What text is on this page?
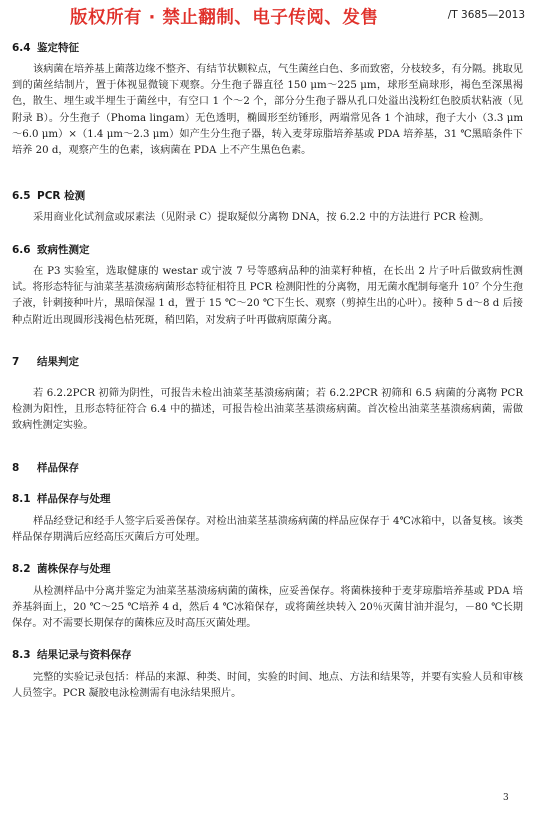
版权所有 · 禁止翻制、电子传阅、发售	/T 3685—2013
6.4 鉴定特征

该病菌在培养基上菌落边缘不整齐、有结节状颗粒点，气生菌丝白色、多而致密，分枝较多，有分隔。挑取见到的菌丝结制片，置于体视显微镜下观察。分生孢子器直径 150 μm～225 μm，球形至扁球形，褐色至深黑褐色，散生、埋生或半埋生于菌丝中，有空口 1 个～2 个，部分分生孢子器从孔口处溢出浅粉红色胶质状粘液（见附录 B）。分生孢子（Phoma lingam）无色透明，椭圆形至纺锤形，两端常见各 1 个油球，孢子大小（3.3 μm～6.0 μm）×（1.4 μm～2.3 μm）如产生分生孢子器，转入麦芽琼脂培养基或 PDA 培养基，31 ℃黑暗条件下培养 20 d，观察产生的色素，该病菌在 PDA 上不产生黑色色素。

6.5 PCR 检测

采用商业化试剂盒或尿素法（见附录 C）提取疑似分离物 DNA，按 6.2.2 中的方法进行 PCR 检测。

6.6 致病性测定

在 P3 实验室，选取健康的 westar 或宁波 7 号等感病品种的油菜籽种植，在长出 2 片子叶后做致病性测试。将形态特征与油菜茎基溃疡病菌形态特征相符且 PCR 检测阳性的分离物，用无菌水配制每毫升 10⁷ 个分生孢子液，针刺接种叶片，黑暗保湿 1 d，置于 15 ℃～20 ℃下生长、观察（剪掉生出的心叶）。接种 5 d～8 d 后接种点附近出现圆形浅褐色枯死斑，稍凹陷，对发病子叶再做病原菌分离。

7 结果判定

若 6.2.2PCR 初筛为阴性，可报告未检出油菜茎基溃疡病菌；若 6.2.2PCR 初筛和 6.5 病菌的分离物 PCR 检测为阳性，且形态特征符合 6.4 中的描述，可报告检出油菜茎基溃疡病菌。首次检出油菜茎基溃疡病菌，需做致病性测定实验。

8 样品保存
8.1 样品保存与处理

样品经登记和经手人签字后妥善保存。对检出油菜茎基溃疡病菌的样品应保存于 4℃冰箱中，以备复核。该类样品保存期满后应经高压灭菌后方可处理。

8.2 菌株保存与处理

从检测样品中分离并鉴定为油菜茎基溃疡病菌的菌株，应妥善保存。将菌株接种于麦芽琼脂培养基或 PDA 培养基斜面上，20 ℃～25 ℃培养 4 d，然后 4 ℃冰箱保存，或将菌丝块转入 20％灭菌甘油并混匀，－80 ℃长期保存。对不需要长期保存的菌株应及时高压灭菌处理。

8.3 结果记录与资料保存

完整的实验记录包括：样品的来源、种类、时间，实验的时间、地点、方法和结果等，并要有实验人员和审核人员签字。PCR 凝胶电泳检测需有电泳结果照片。

3
